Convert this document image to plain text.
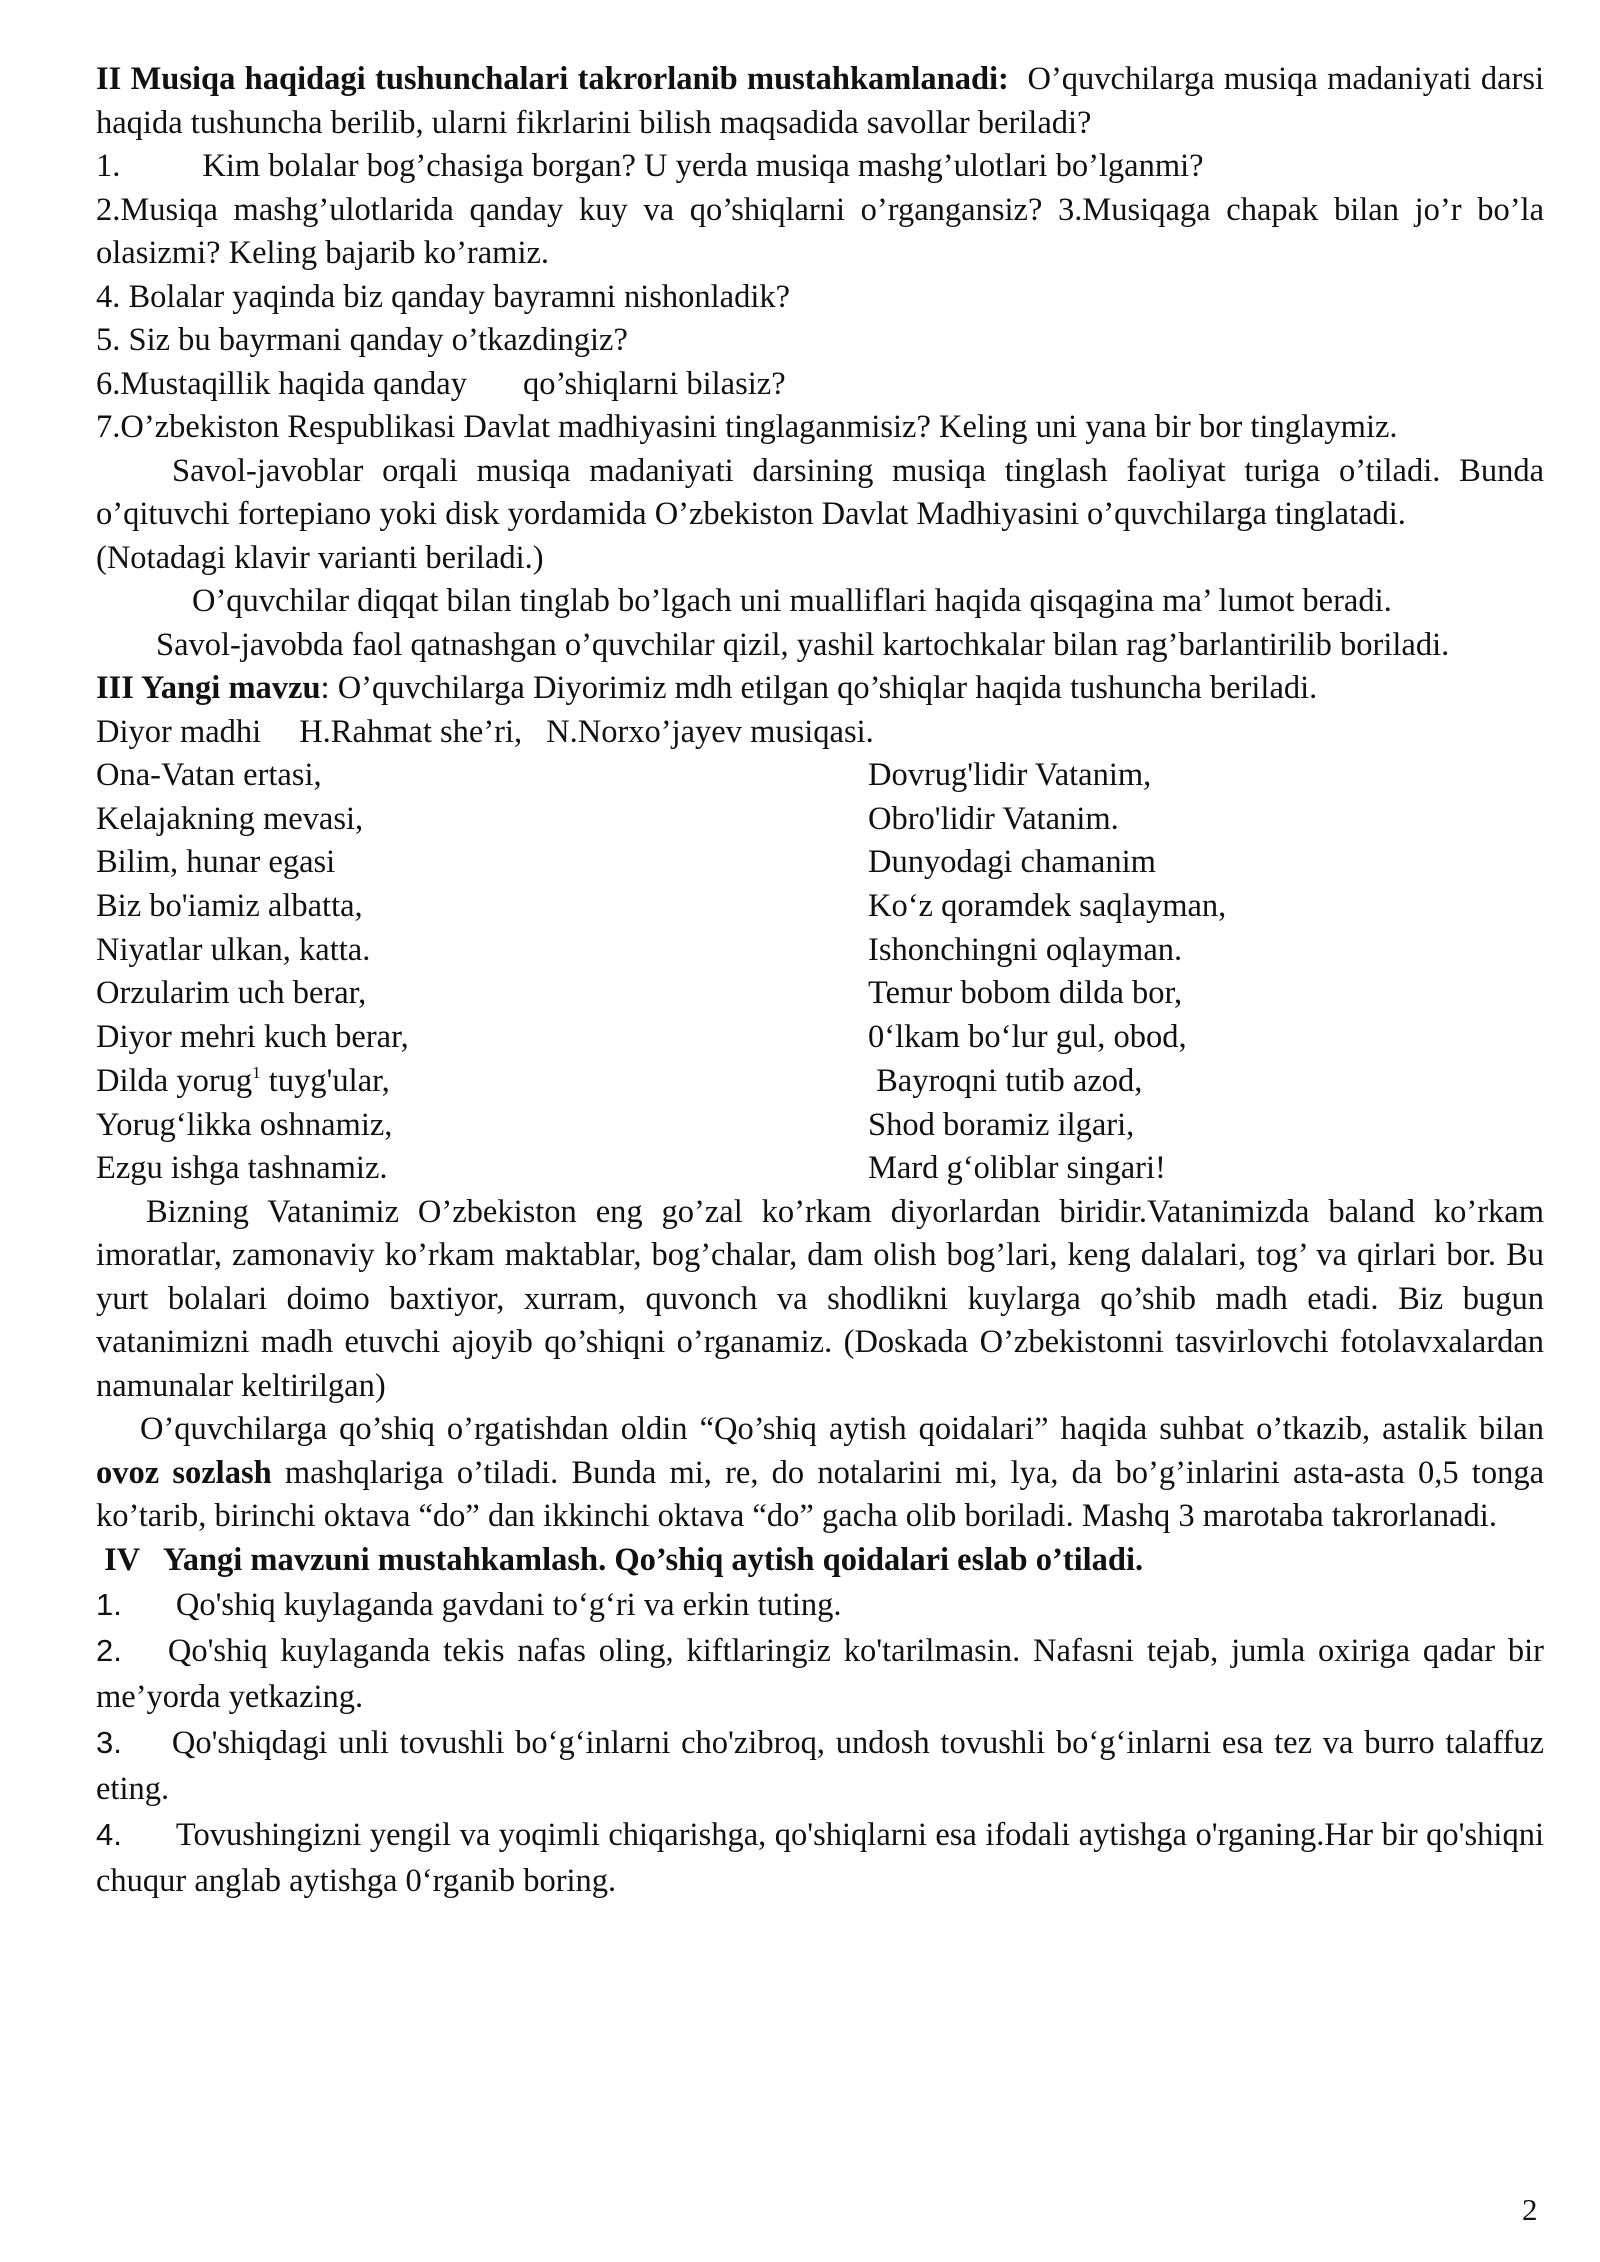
II Musiqa haqidagi tushunchalari takrorlanib mustahkamlanadi: O’quvchilarga musiqa madaniyati darsi haqida tushuncha berilib, ularni fikrlarini bilish maqsadida savollar beriladi?

1.	Kim bolalar bog’chasiga borgan? U yerda musiqa mashg’ulotlari bo’lganmi?

2.Musiqa mashg’ulotlarida qanday kuy va qo’shiqlarni o’rgangansiz? 3.Musiqaga chapak bilan jo’r bo’la olasizmi? Keling bajarib ko’ramiz.

4. Bolalar yaqinda biz qanday bayramni nishonladik?

5. Siz bu bayrmani qanday o’tkazdingiz?

6.Mustaqillik haqida qanday qo’shiqlarni bilasiz?

7.O’zbekiston Respublikasi Davlat madhiyasini tinglaganmisiz? Keling uni yana bir bor tinglaymiz.

Savol-javoblar orqali musiqa madaniyati darsining musiqa tinglash faoliyat turiga o’tiladi. Bunda o’qituvchi fortepiano yoki disk yordamida O’zbekiston Davlat Madhiyasini o’quvchilarga tinglatadi.

(Notadagi klavir varianti beriladi.)

O’quvchilar diqqat bilan tinglab bo’lgach uni mualliflari haqida qisqagina ma’ lumot beradi.

Savol-javobda faol qatnashgan o’quvchilar qizil, yashil kartochkalar bilan rag’barlantirilib boriladi.

III Yangi mavzu: O’quvchilarga Diyorimiz mdh etilgan qo’shiqlar haqida tushuncha beriladi.

Diyor madhi H.Rahmat she’ri, N.Norxo’jayev musiqasi.

Ona-Vatan ertasi,
Kelajakning mevasi,
Bilim, hunar egasi
Biz bo'iamiz albatta,
Niyatlar ulkan, katta.
Orzularim uch berar,
Diyor mehri kuch berar,
Dilda yorug$^1$ tuyg'ular,
Yorug‘likka oshnamiz,
Ezgu ishga tashnamiz.
Dovrug'lidir Vatanim,
Obro'lidir Vatanim.
Dunyodagi chamanim
Ko‘z qoramdek saqlayman,
Ishonchingni oqlayman.
Temur bobom dilda bor,
0‘lkam bo‘lur gul, obod,
Bayroqni tutib azod,
Shod boramiz ilgari,
Mard g‘oliblar singari!

Bizning Vatanimiz O’zbekiston eng go’zal ko’rkam diyorlardan biridir.Vatanimizda baland ko’rkam imoratlar, zamonaviy ko’rkam maktablar, bog’chalar, dam olish bog’lari, keng dalalari, tog’ va qirlari bor. Bu yurt bolalari doimo baxtiyor, xurram, quvonch va shodlikni kuylarga qo’shib madh etadi. Biz bugun vatanimizni madh etuvchi ajoyib qo’shiqni o’rganamiz. (Doskada O’zbekistonni tasvirlovchi fotolavxalardan namunalar keltirilgan)

O’quvchilarga qo’shiq o’rgatishdan oldin “Qo’shiq aytish qoidalari” haqida suhbat o’tkazib, astalik bilan ovoz sozlash mashqlariga o’tiladi. Bunda mi, re, do notalarini mi, lya, da bo’g’inlarini asta-asta 0,5 tonga ko’tarib, birinchi oktava “do” dan ikkinchi oktava “do” gacha olib boriladi. Mashq 3 marotaba takrorlanadi.

IV   Yangi mavzuni mustahkamlash. Qo’shiq aytish qoidalari eslab o’tiladi.

1. Qo'shiq kuylaganda gavdani to‘g‘ri va erkin tuting.

2. Qo'shiq kuylaganda tekis nafas oling, kiftlaringiz ko'tarilmasin. Nafasni tejab, jumla oxiriga qadar bir me’yorda yetkazing.

3. Qo'shiqdagi unli tovushli bo‘g‘inlarni cho'zibroq, undosh tovushli bo‘g‘inlarni esa tez va burro talaffuz eting.

4. Tovushingizni yengil va yoqimli chiqarishga, qo'shiqlarni esa ifodali aytishga o'rganing.Har bir qo'shiqni chuqur anglab aytishga 0‘rganib boring.

2
